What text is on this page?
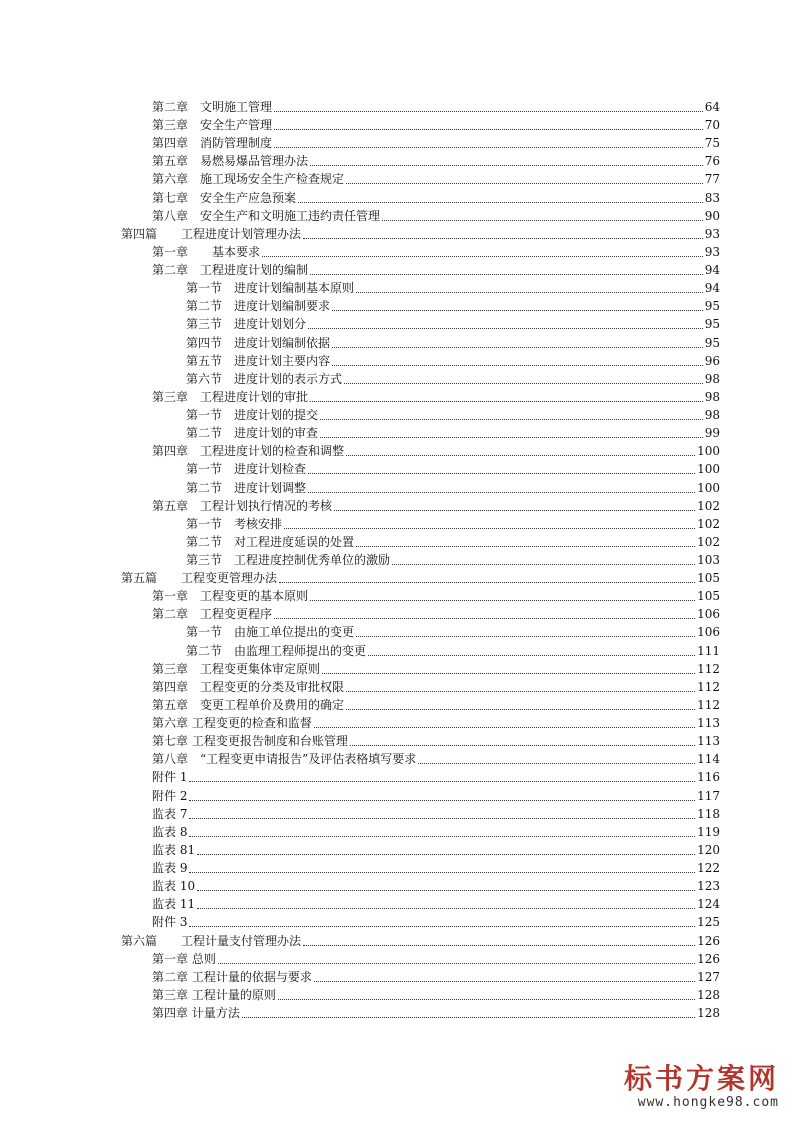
第二章　文明施工管理	64
第三章　安全生产管理	70
第四章　消防管理制度	75
第五章　易燃易爆品管理办法	76
第六章　施工现场安全生产检查规定	77
第七章　安全生产应急预案	83
第八章　安全生产和文明施工违约责任管理	90
第四篇　　工程进度计划管理办法	93
第一章　　基本要求	93
第二章　工程进度计划的编制	94
第一节　进度计划编制基本原则	94
第二节　进度计划编制要求	95
第三节　进度计划划分	95
第四节　进度计划编制依据	95
第五节　进度计划主要内容	96
第六节　进度计划的表示方式	98
第三章　工程进度计划的审批	98
第一节　进度计划的提交	98
第二节　进度计划的审查	99
第四章　工程进度计划的检查和调整	100
第一节　进度计划检查	100
第二节　进度计划调整	100
第五章　工程计划执行情况的考核	102
第一节　考核安排	102
第二节　对工程进度延误的处置	102
第三节　工程进度控制优秀单位的激励	103
第五篇　　工程变更管理办法	105
第一章　工程变更的基本原则	105
第二章　工程变更程序	106
第一节　由施工单位提出的变更	106
第二节　由监理工程师提出的变更	111
第三章　工程变更集体审定原则	112
第四章　工程变更的分类及审批权限	112
第五章　变更工程单价及费用的确定	112
第六章 工程变更的检查和监督	113
第七章 工程变更报告制度和台账管理	113
第八章　“工程变更申请报告”及评估表格填写要求	114
附件 1	116
附件 2	117
监表 7	118
监表 8	119
监表 81	120
监表 9	122
监表 10	123
监表 11	124
附件 3	125
第六篇　　工程计量支付管理办法	126
第一章 总则	126
第二章 工程计量的依据与要求	127
第三章 工程计量的原则	128
第四章 计量方法	128
标书方案网
www.hongke98.com
